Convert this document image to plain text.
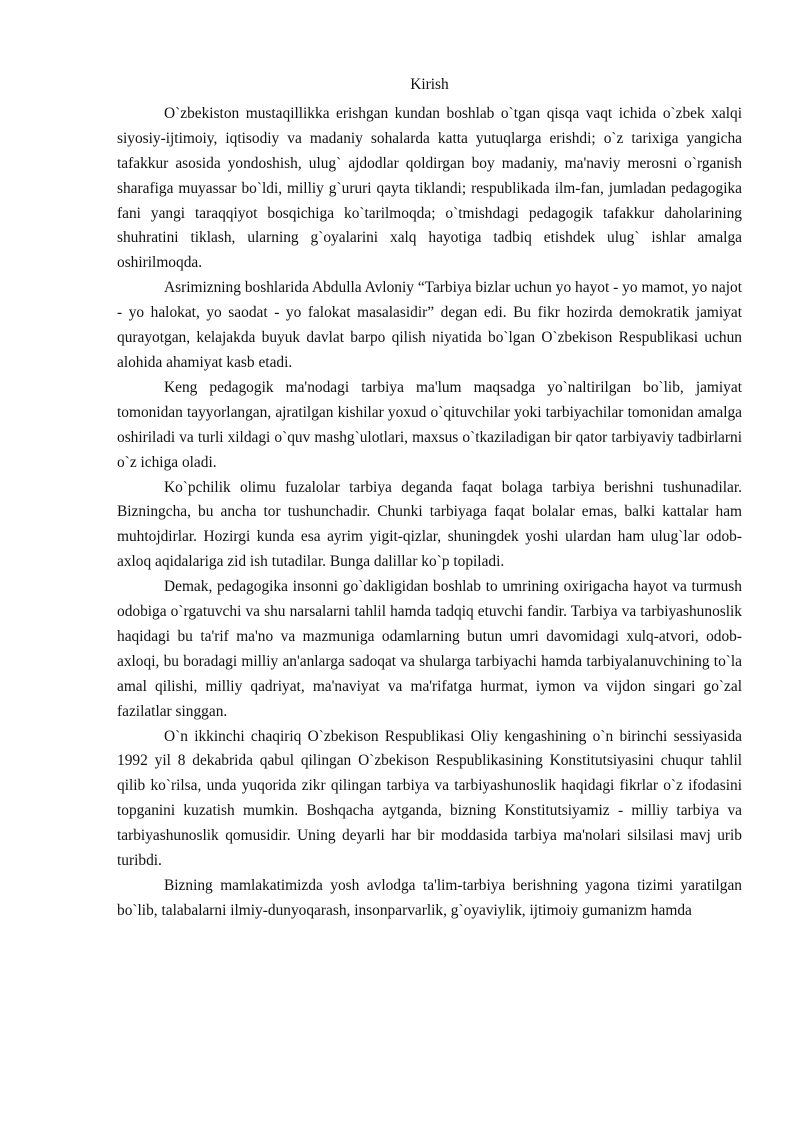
Kirish

O`zbekiston mustaqillikka erishgan kundan boshlab o`tgan qisqa vaqt ichida o`zbek xalqi siyosiy-ijtimoiy, iqtisodiy va madaniy sohalarda katta yutuqlarga erishdi; o`z tarixiga yangicha tafakkur asosida yondoshish, ulug` ajdodlar qoldirgan boy madaniy, ma'naviy merosni o`rganish sharafiga muyassar bo`ldi, milliy g`ururi qayta tiklandi; respublikada ilm-fan, jumladan pedagogika fani yangi taraqqiyot bosqichiga ko`tarilmoqda; o`tmishdagi pedagogik tafakkur daholarining shuhratini tiklash, ularning g`oyalarini xalq hayotiga tadbiq etishdek ulug` ishlar amalga oshirilmoqda.

Asrimizning boshlarida Abdulla Avloniy “Tarbiya bizlar uchun yo hayot - yo mamot, yo najot - yo halokat, yo saodat - yo falokat masalasidir” degan edi. Bu fikr hozirda demokratik jamiyat qurayotgan, kelajakda buyuk davlat barpo qilish niyatida bo`lgan O`zbekison Respublikasi uchun alohida ahamiyat kasb etadi.

Keng pedagogik ma'nodagi tarbiya ma'lum maqsadga yo`naltirilgan bo`lib, jamiyat tomonidan tayyorlangan, ajratilgan kishilar yoxud o`qituvchilar yoki tarbiyachilar tomonidan amalga oshiriladi va turli xildagi o`quv mashg`ulotlari, maxsus o`tkaziladigan bir qator tarbiyaviy tadbirlarni o`z ichiga oladi.

Ko`pchilik olimu fuzalolar tarbiya deganda faqat bolaga tarbiya berishni tushunadilar. Bizningcha, bu ancha tor tushunchadir. Chunki tarbiyaga faqat bolalar emas, balki kattalar ham muhtojdirlar. Hozirgi kunda esa ayrim yigit-qizlar, shuningdek yoshi ulardan ham ulug`lar odob-axloq aqidalariga zid ish tutadilar. Bunga dalillar ko`p topiladi.

Demak, pedagogika insonni go`dakligidan boshlab to umrining oxirigacha hayot va turmush odobiga o`rgatuvchi va shu narsalarni tahlil hamda tadqiq etuvchi fandir. Tarbiya va tarbiyashunoslik haqidagi bu ta'rif ma'no va mazmuniga odamlarning butun umri davomidagi xulq-atvori, odob-axloqi, bu boradagi milliy an'anlarga sadoqat va shularga tarbiyachi hamda tarbiyalanuvchining to`la amal qilishi, milliy qadriyat, ma'naviyat va ma'rifatga hurmat, iymon va vijdon singari go`zal fazilatlar singgan.

O`n ikkinchi chaqiriq O`zbekison Respublikasi Oliy kengashining o`n birinchi sessiyasida 1992 yil 8 dekabrida qabul qilingan O`zbekison Respublikasining Konstitutsiyasini chuqur tahlil qilib ko`rilsa, unda yuqorida zikr qilingan tarbiya va tarbiyashunoslik haqidagi fikrlar o`z ifodasini topganini kuzatish mumkin. Boshqacha aytganda, bizning Konstitutsiyamiz - milliy tarbiya va tarbiyashunoslik qomusidir. Uning deyarli har bir moddasida tarbiya ma'nolari silsilasi mavj urib turibdi.

Bizning mamlakatimizda yosh avlodga ta'lim-tarbiya berishning yagona tizimi yaratilgan bo`lib, talabalarni ilmiy-dunyoqarash, insonparvarlik, g`oyaviylik, ijtimoiy gumanizm hamda
